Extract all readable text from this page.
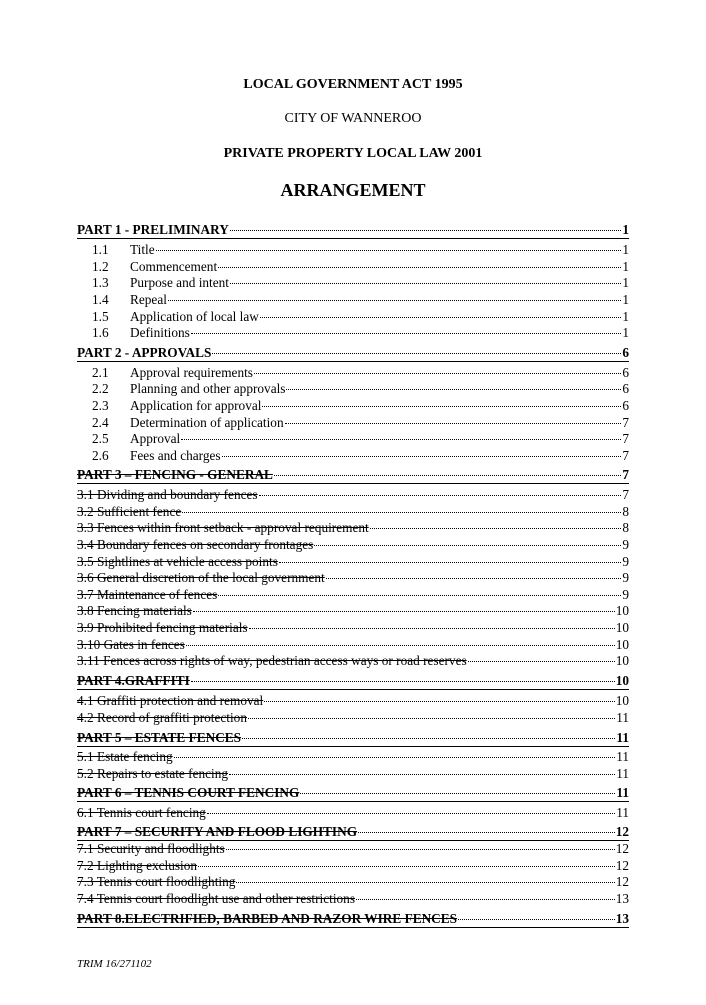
LOCAL GOVERNMENT ACT 1995
CITY OF WANNEROO
PRIVATE PROPERTY LOCAL LAW 2001
ARRANGEMENT
PART 1 - PRELIMINARY	1
1.1	Title	1
1.2	Commencement	1
1.3	Purpose and intent	1
1.4	Repeal	1
1.5	Application of local law	1
1.6	Definitions	1
PART 2 - APPROVALS	6
2.1	Approval requirements	6
2.2	Planning and other approvals	6
2.3	Application for approval	6
2.4	Determination of application	7
2.5	Approval	7
2.6	Fees and charges	7
PART 3 – FENCING - GENERAL	7
3.1 Dividing and boundary fences	7
3.2 Sufficient fence	8
3.3 Fences within front setback - approval requirement	8
3.4 Boundary fences on secondary frontages	9
3.5 Sightlines at vehicle access points	9
3.6 General discretion of the local government	9
3.7 Maintenance of fences	9
3.8 Fencing materials	10
3.9 Prohibited fencing materials	10
3.10 Gates in fences	10
3.11 Fences across rights of way, pedestrian access ways or road reserves	10
PART 4.GRAFFITI	10
4.1 Graffiti protection and removal	10
4.2 Record of graffiti protection	11
PART 5 – ESTATE FENCES	11
5.1 Estate fencing	11
5.2 Repairs to estate fencing	11
PART 6 – TENNIS COURT FENCING	11
6.1 Tennis court fencing	11
PART 7 – SECURITY AND FLOOD LIGHTING	12
7.1 Security and floodlights	12
7.2 Lighting exclusion	12
7.3 Tennis court floodlighting	12
7.4 Tennis court floodlight use and other restrictions	13
PART 8.ELECTRIFIED, BARBED AND RAZOR WIRE FENCES	13
TRIM 16/271102
